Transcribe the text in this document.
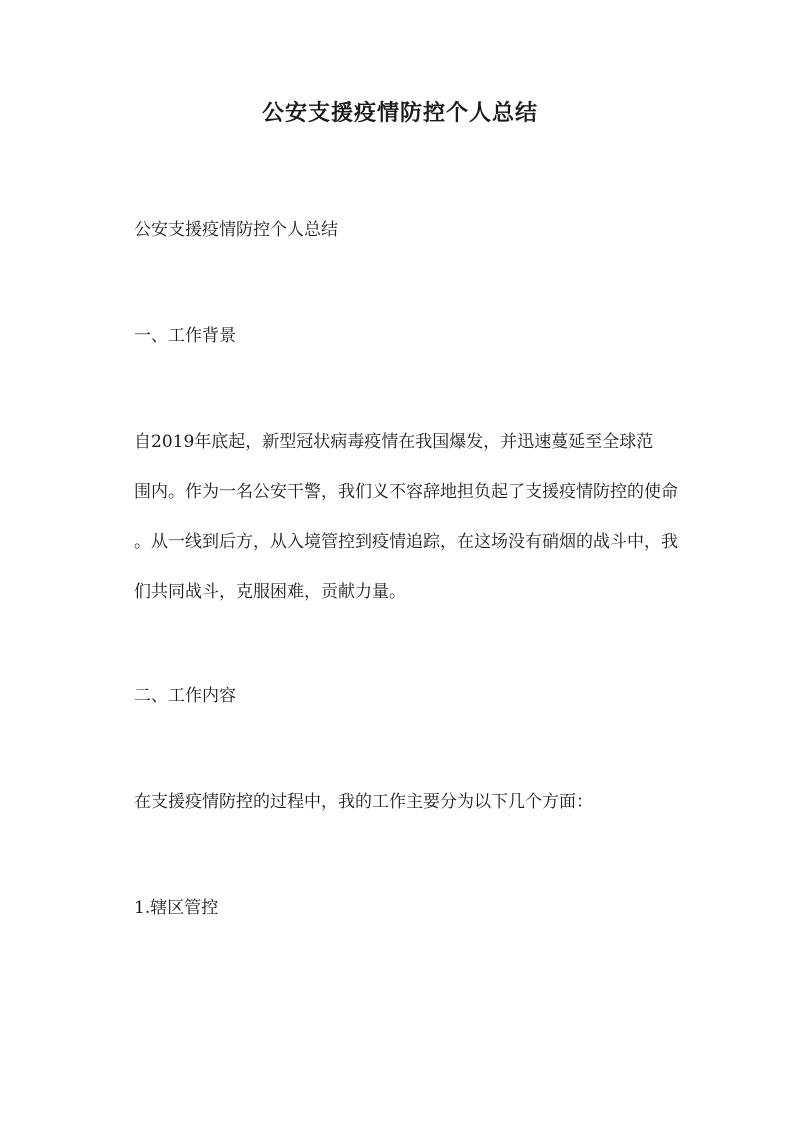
公安支援疫情防控个人总结

公安支援疫情防控个人总结

一、工作背景

自2019年底起，新型冠状病毒疫情在我国爆发，并迅速蔓延至全球范
围内。作为一名公安干警，我们义不容辞地担负起了支援疫情防控的使命
。从一线到后方，从入境管控到疫情追踪，在这场没有硝烟的战斗中，我
们共同战斗，克服困难，贡献力量。

二、工作内容

在支援疫情防控的过程中，我的工作主要分为以下几个方面：

1.辖区管控
